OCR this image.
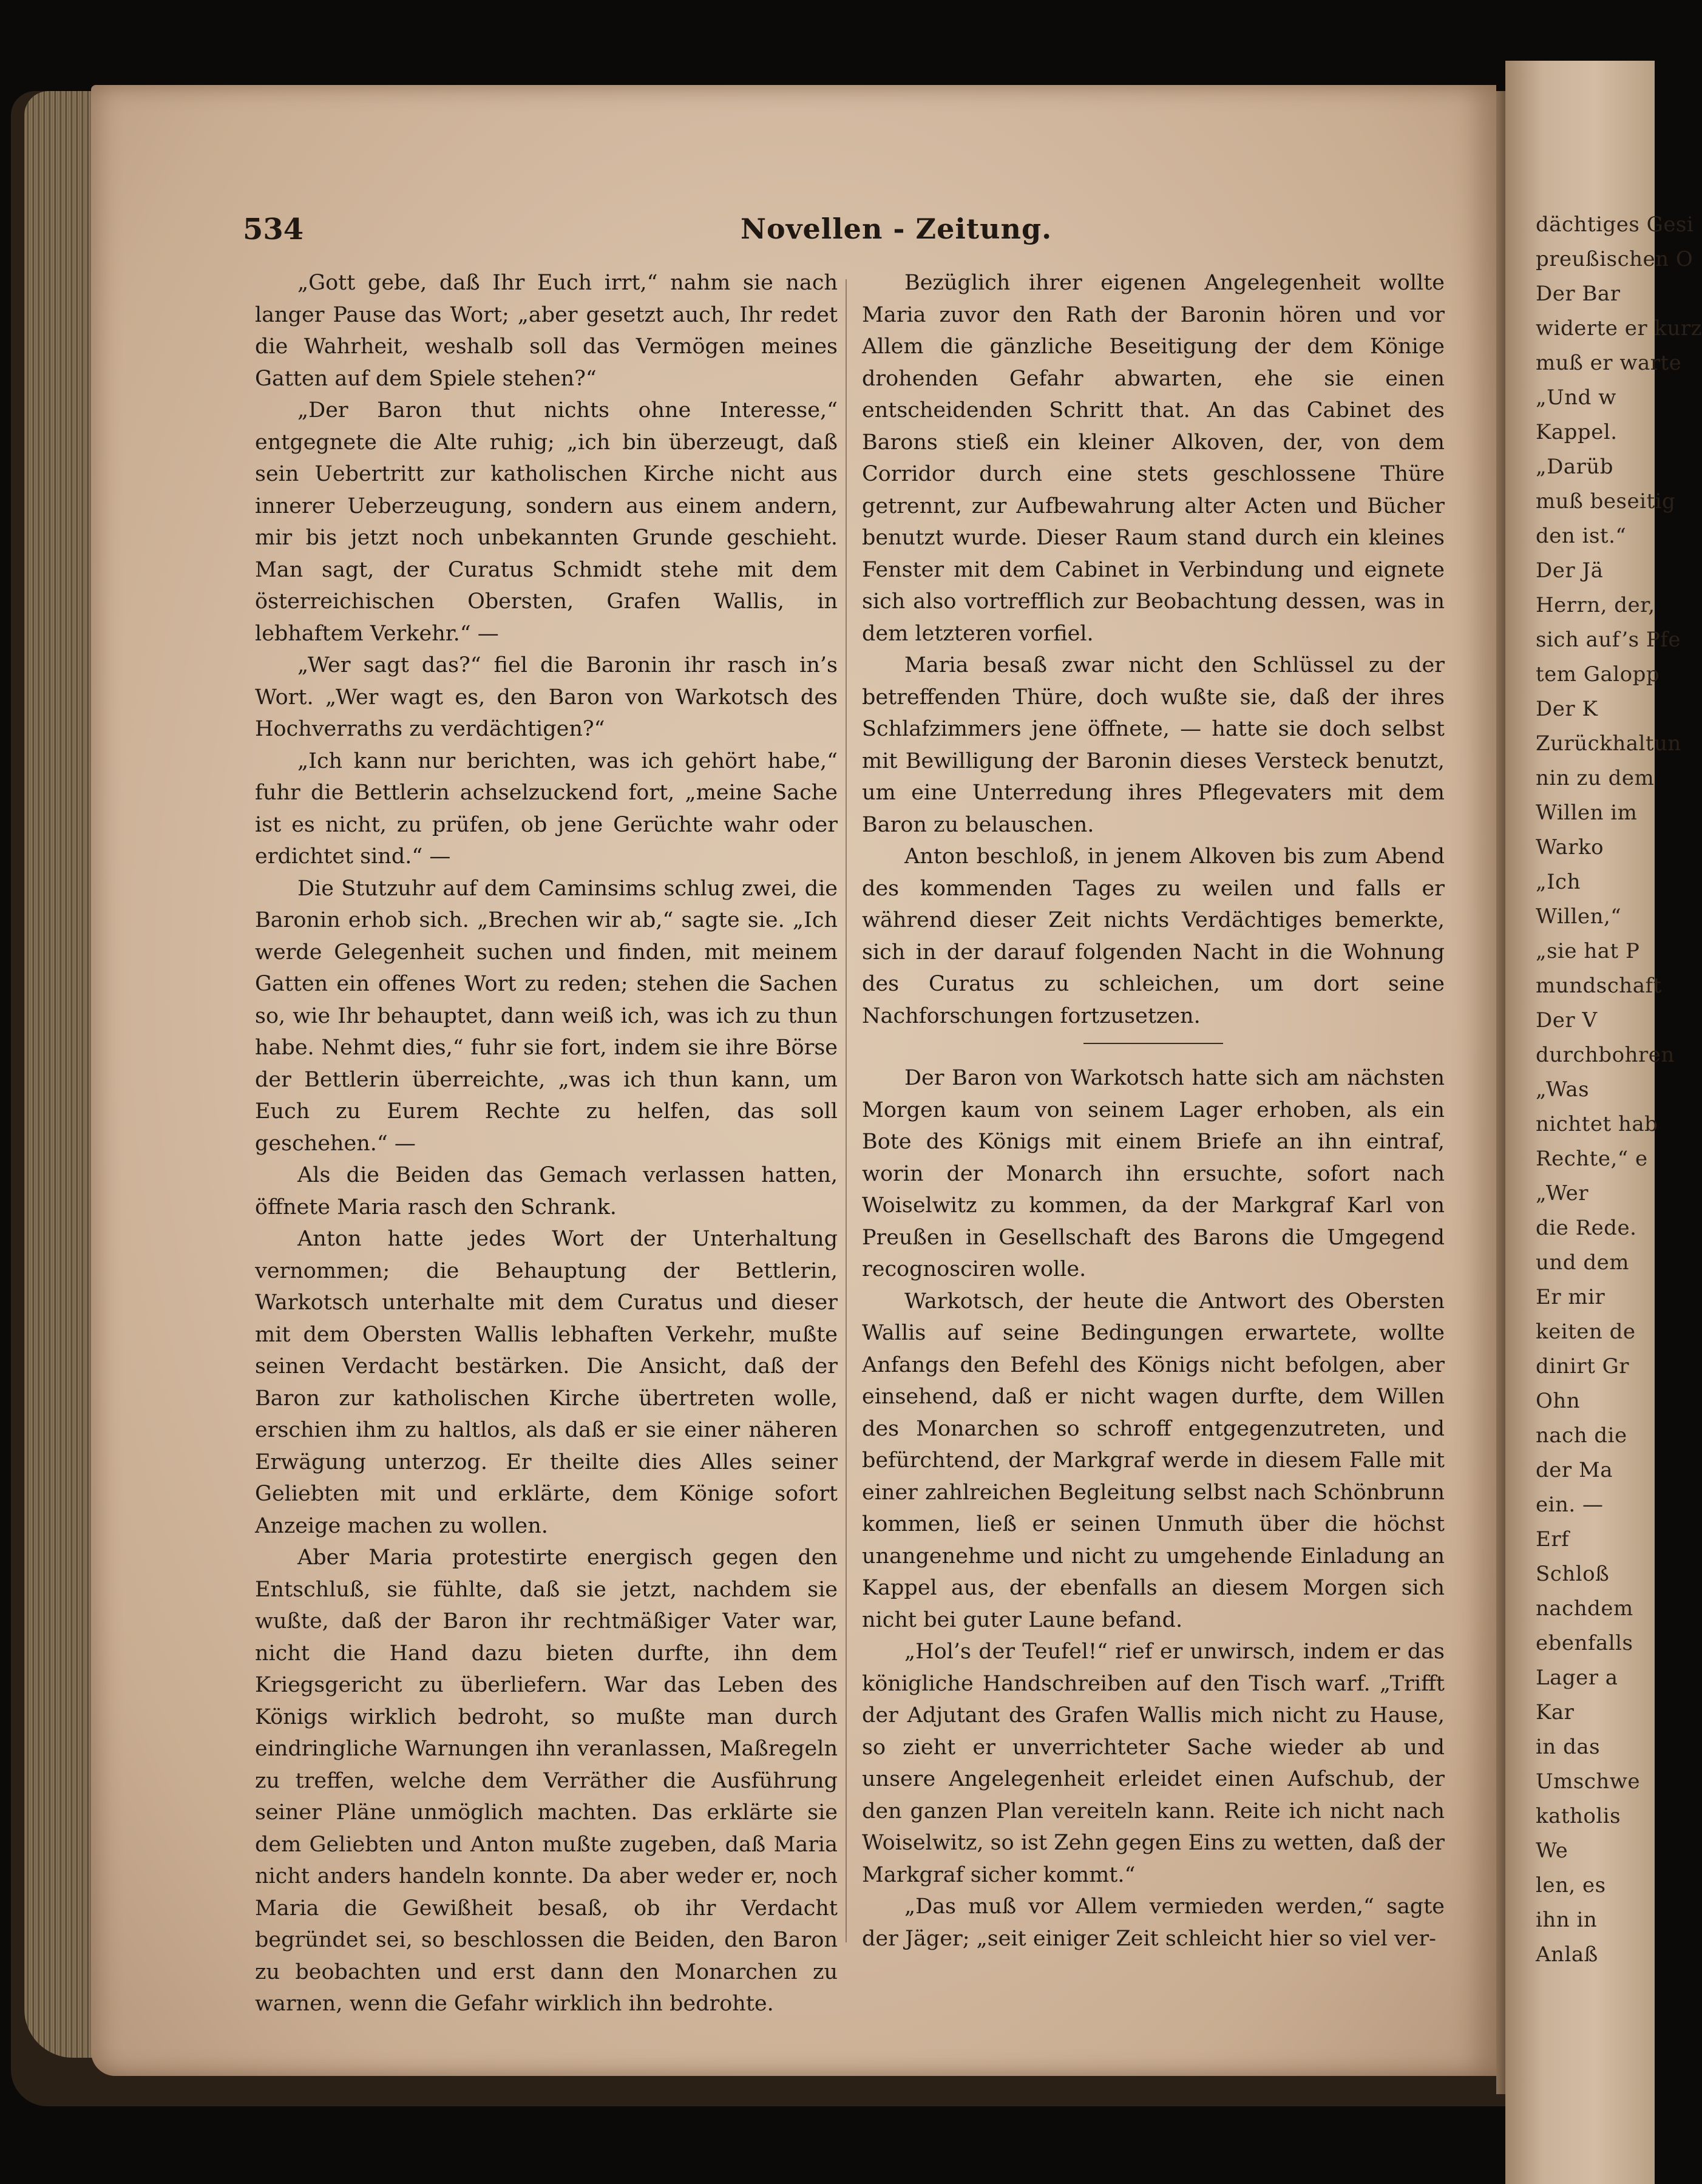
dächtiges Gesi
preußischen O
Der Bar
widerte er kurz
muß er warte
„Und w
Kappel.
„Darüb
muß beseitig
den ist.“
Der Jä
Herrn, der,
sich auf’s Pfe
tem Galopp
Der K
Zurückhaltun
nin zu dem
Willen im
Warko
„Ich
Willen,“
„sie hat P
mundschaft
Der V
durchbohren
„Was
nichtet hab
Rechte,“ e
„Wer
die Rede.
und dem
Er mir
keiten de
dinirt Gr
Ohn
nach die
der Ma
ein. —
Erf
Schloß
nachdem
ebenfalls
Lager a
Kar
in das
Umschwe
katholis
We
len, es
ihn in
Anlaß
534	Novellen - Zeitung.

„Gott gebe, daß Ihr Euch irrt,“ nahm sie nach langer Pause das Wort; „aber gesetzt auch, Ihr redet die Wahrheit, weshalb soll das Vermögen meines Gatten auf dem Spiele stehen?“

„Der Baron thut nichts ohne Interesse,“ entgegnete die Alte ruhig; „ich bin überzeugt, daß sein Uebertritt zur katholischen Kirche nicht aus innerer Ueberzeugung, sondern aus einem andern, mir bis jetzt noch unbekannten Grunde geschieht. Man sagt, der Curatus Schmidt stehe mit dem österreichischen Obersten, Grafen Wallis, in lebhaftem Verkehr.“ —

„Wer sagt das?“ fiel die Baronin ihr rasch in’s Wort. „Wer wagt es, den Baron von Warkotsch des Hochverraths zu verdächtigen?“

„Ich kann nur berichten, was ich gehört habe,“ fuhr die Bettlerin achselzuckend fort, „meine Sache ist es nicht, zu prüfen, ob jene Gerüchte wahr oder erdichtet sind.“ —

Die Stutzuhr auf dem Caminsims schlug zwei, die Baronin erhob sich. „Brechen wir ab,“ sagte sie. „Ich werde Gelegenheit suchen und finden, mit meinem Gatten ein offenes Wort zu reden; stehen die Sachen so, wie Ihr behauptet, dann weiß ich, was ich zu thun habe. Nehmt dies,“ fuhr sie fort, indem sie ihre Börse der Bettlerin überreichte, „was ich thun kann, um Euch zu Eurem Rechte zu helfen, das soll geschehen.“ —

Als die Beiden das Gemach verlassen hatten, öffnete Maria rasch den Schrank.

Anton hatte jedes Wort der Unterhaltung vernommen; die Behauptung der Bettlerin, Warkotsch unterhalte mit dem Curatus und dieser mit dem Obersten Wallis lebhaften Verkehr, mußte seinen Verdacht bestärken. Die Ansicht, daß der Baron zur katholischen Kirche übertreten wolle, erschien ihm zu haltlos, als daß er sie einer näheren Erwägung unterzog. Er theilte dies Alles seiner Geliebten mit und erklärte, dem Könige sofort Anzeige machen zu wollen.

Aber Maria protestirte energisch gegen den Entschluß, sie fühlte, daß sie jetzt, nachdem sie wußte, daß der Baron ihr rechtmäßiger Vater war, nicht die Hand dazu bieten durfte, ihn dem Kriegsgericht zu überliefern. War das Leben des Königs wirklich bedroht, so mußte man durch eindringliche Warnungen ihn veranlassen, Maßregeln zu treffen, welche dem Verräther die Ausführung seiner Pläne unmöglich machten. Das erklärte sie dem Geliebten und Anton mußte zugeben, daß Maria nicht anders handeln konnte. Da aber weder er, noch Maria die Gewißheit besaß, ob ihr Verdacht begründet sei, so beschlossen die Beiden, den Baron zu beobachten und erst dann den Monarchen zu warnen, wenn die Gefahr wirklich ihn bedrohte.

Bezüglich ihrer eigenen Angelegenheit wollte Maria zuvor den Rath der Baronin hören und vor Allem die gänzliche Beseitigung der dem Könige drohenden Gefahr abwarten, ehe sie einen entscheidenden Schritt that. An das Cabinet des Barons stieß ein kleiner Alkoven, der, von dem Corridor durch eine stets geschlossene Thüre getrennt, zur Aufbewahrung alter Acten und Bücher benutzt wurde. Dieser Raum stand durch ein kleines Fenster mit dem Cabinet in Verbindung und eignete sich also vortrefflich zur Beobachtung dessen, was in dem letzteren vorfiel.

Maria besaß zwar nicht den Schlüssel zu der betreffenden Thüre, doch wußte sie, daß der ihres Schlafzimmers jene öffnete, — hatte sie doch selbst mit Bewilligung der Baronin dieses Versteck benutzt, um eine Unterredung ihres Pflegevaters mit dem Baron zu belauschen.

Anton beschloß, in jenem Alkoven bis zum Abend des kommenden Tages zu weilen und falls er während dieser Zeit nichts Verdächtiges bemerkte, sich in der darauf folgenden Nacht in die Wohnung des Curatus zu schleichen, um dort seine Nachforschungen fortzusetzen.

Der Baron von Warkotsch hatte sich am nächsten Morgen kaum von seinem Lager erhoben, als ein Bote des Königs mit einem Briefe an ihn eintraf, worin der Monarch ihn ersuchte, sofort nach Woiselwitz zu kommen, da der Markgraf Karl von Preußen in Gesellschaft des Barons die Umgegend recognosciren wolle.

Warkotsch, der heute die Antwort des Obersten Wallis auf seine Bedingungen erwartete, wollte Anfangs den Befehl des Königs nicht befolgen, aber einsehend, daß er nicht wagen durfte, dem Willen des Monarchen so schroff entgegenzutreten, und befürchtend, der Markgraf werde in diesem Falle mit einer zahlreichen Begleitung selbst nach Schönbrunn kommen, ließ er seinen Unmuth über die höchst unangenehme und nicht zu umgehende Einladung an Kappel aus, der ebenfalls an diesem Morgen sich nicht bei guter Laune befand.

„Hol’s der Teufel!“ rief er unwirsch, indem er das königliche Handschreiben auf den Tisch warf. „Trifft der Adjutant des Grafen Wallis mich nicht zu Hause, so zieht er unverrichteter Sache wieder ab und unsere Angelegenheit erleidet einen Aufschub, der den ganzen Plan vereiteln kann. Reite ich nicht nach Woiselwitz, so ist Zehn gegen Eins zu wetten, daß der Markgraf sicher kommt.“

„Das muß vor Allem vermieden werden,“ sagte der Jäger; „seit einiger Zeit schleicht hier so viel ver-
